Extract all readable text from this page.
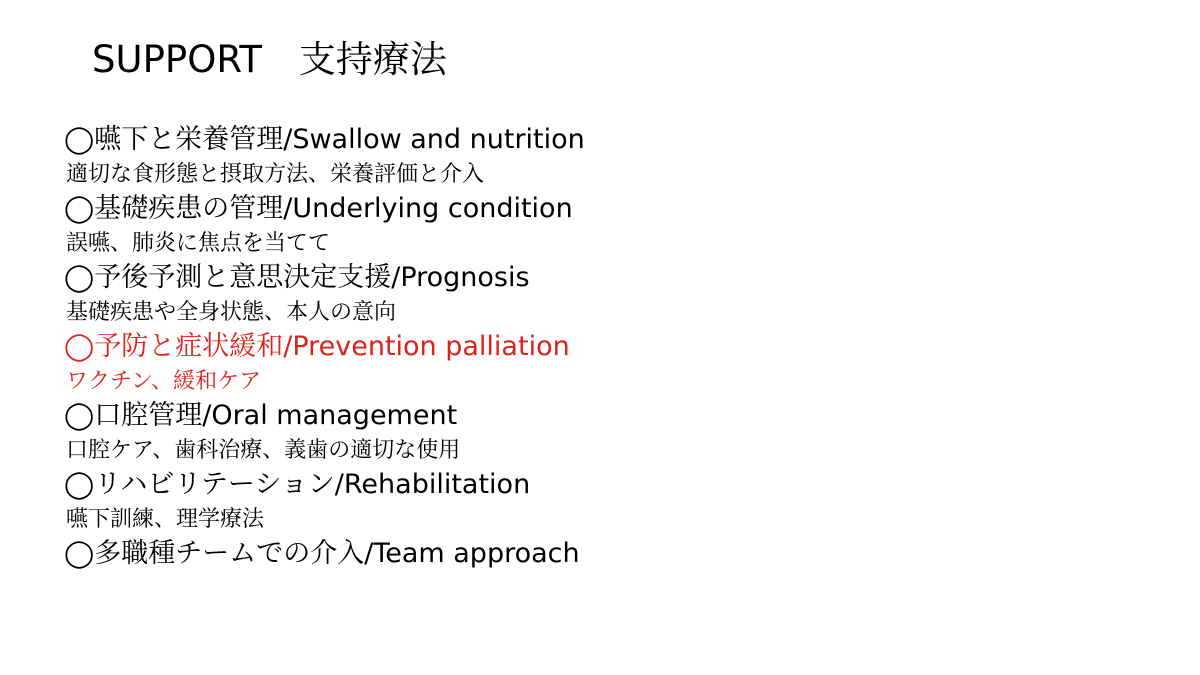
SUPPORT　支持療法
◯嚥下と栄養管理/Swallow and nutrition
適切な食形態と摂取方法、栄養評価と介入
◯基礎疾患の管理/Underlying condition
誤嚥、肺炎に焦点を当てて
◯予後予測と意思決定支援/Prognosis
基礎疾患や全身状態、本人の意向
◯予防と症状緩和/Prevention palliation
ワクチン、緩和ケア
◯口腔管理/Oral management
口腔ケア、歯科治療、義歯の適切な使用
◯リハビリテーション/Rehabilitation
嚥下訓練、理学療法
◯多職種チームでの介入/Team approach
